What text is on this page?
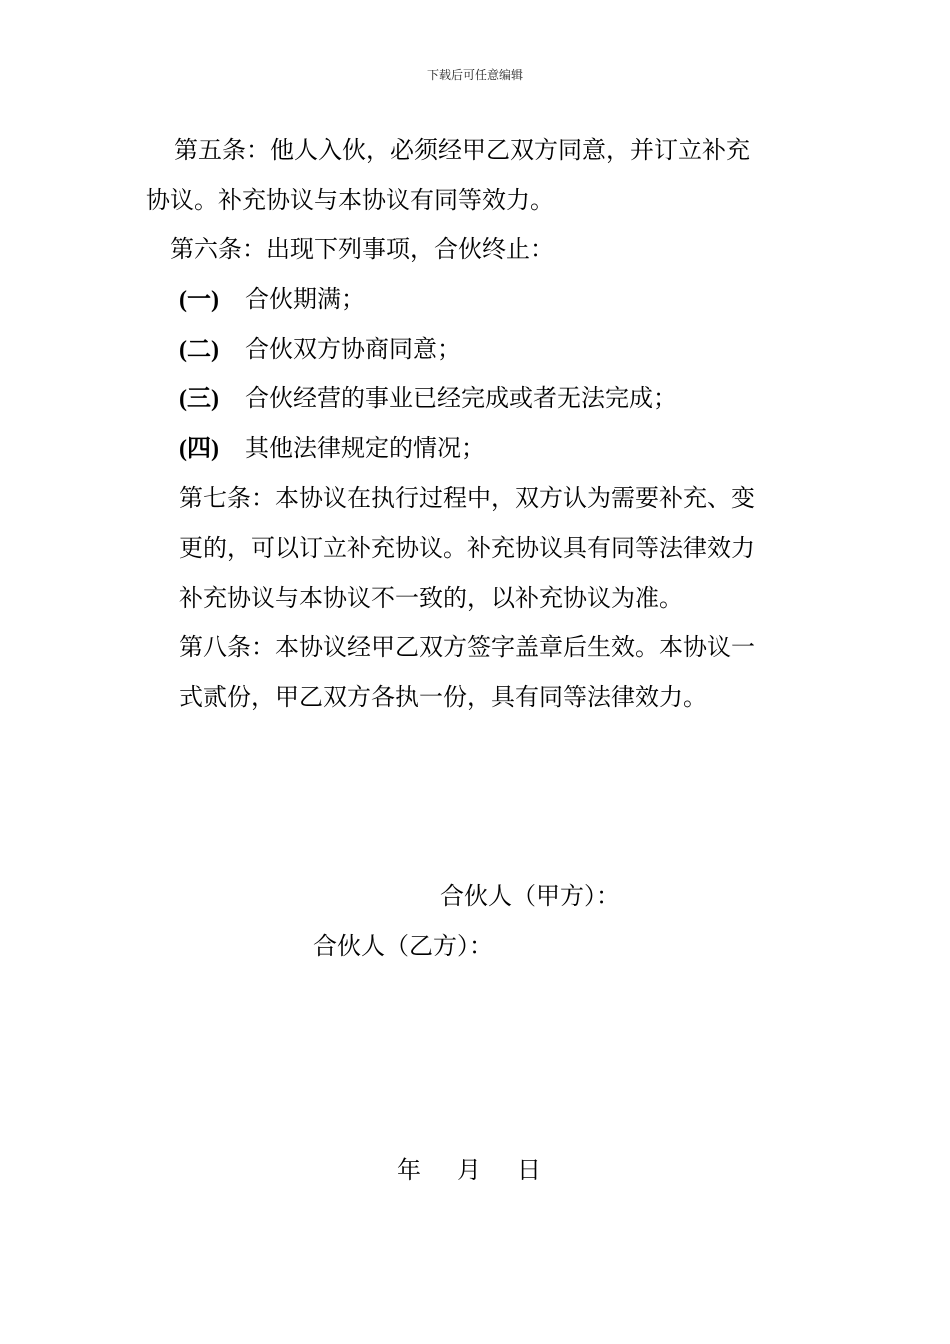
下载后可任意编辑
第五条：他人入伙，必须经甲乙双方同意，并订立补充
协议。补充协议与本协议有同等效力。
第六条：出现下列事项，合伙终止：
(一) 合伙期满；
(二) 合伙双方协商同意；
(三) 合伙经营的事业已经完成或者无法完成；
(四) 其他法律规定的情况；
第七条：本协议在执行过程中，双方认为需要补充、变
更的，可以订立补充协议。补充协议具有同等法律效力
补充协议与本协议不一致的，以补充协议为准。
第八条：本协议经甲乙双方签字盖章后生效。本协议一
式贰份，甲乙双方各执一份，具有同等法律效力。
合伙人（甲方）：
合伙人（乙方）：
年 月 日
